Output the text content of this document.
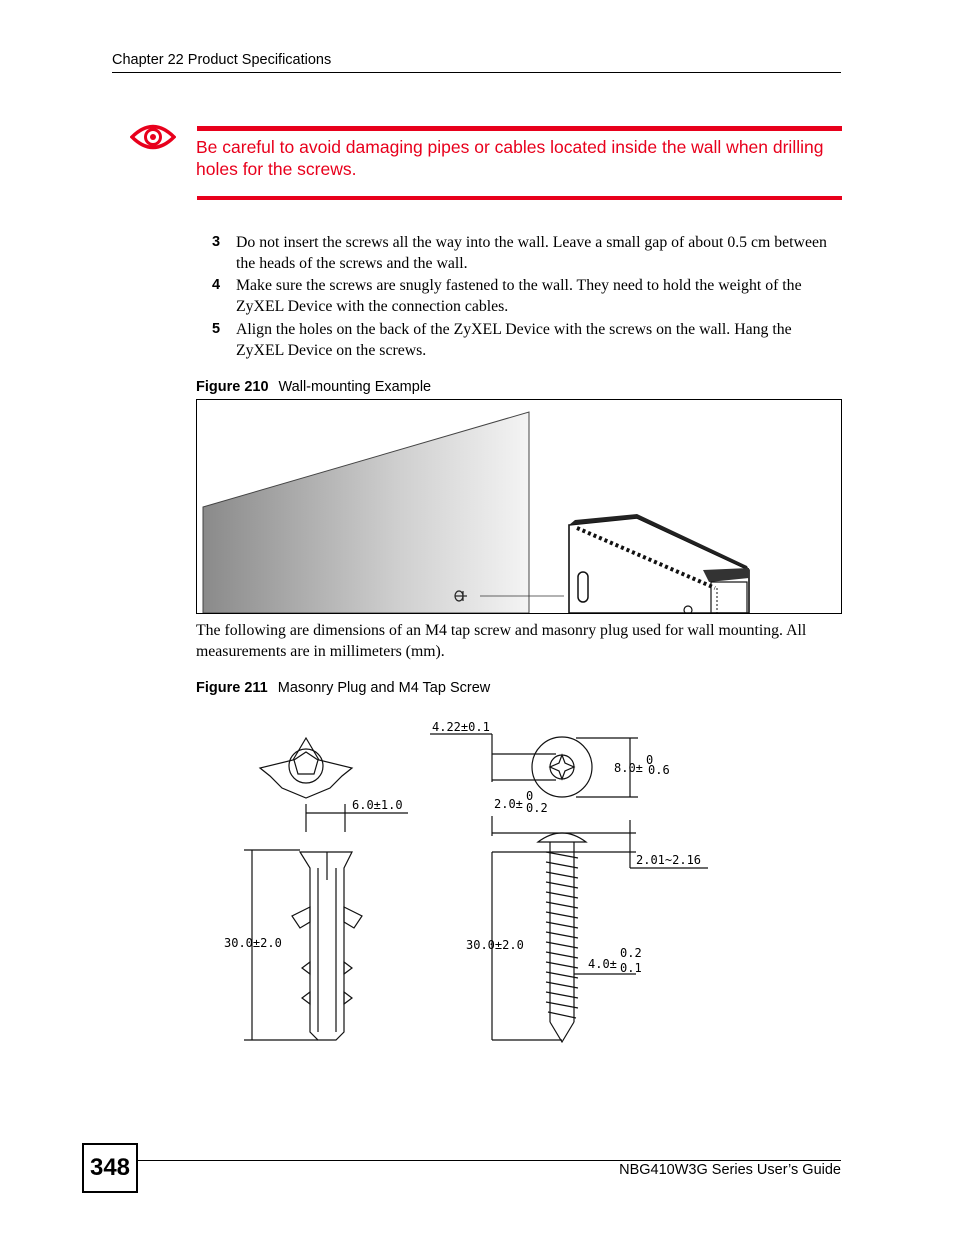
Chapter 22 Product Specifications
Be careful to avoid damaging pipes or cables located inside the wall when drilling holes for the screws.
3	Do not insert the screws all the way into the wall. Leave a small gap of about 0.5 cm between the heads of the screws and the wall.
4	Make sure the screws are snugly fastened to the wall. They need to hold the weight of the ZyXEL Device with the connection cables.
5	Align the holes on the back of the ZyXEL Device with the screws on the wall. Hang the ZyXEL Device on the screws.
Figure 210 Wall-mounting Example
The following are dimensions of an M4 tap screw and masonry plug used for wall mounting. All measurements are in millimeters (mm).
Figure 211 Masonry Plug and M4 Tap Screw
6.0±1.0
30.0±2.0
4.22±0.1
8.0±
0
0.6
2.0±
0
0.2
2.01~2.16
30.0±2.0
4.0±
0.2
0.1
348	NBG410W3G Series User’s Guide
